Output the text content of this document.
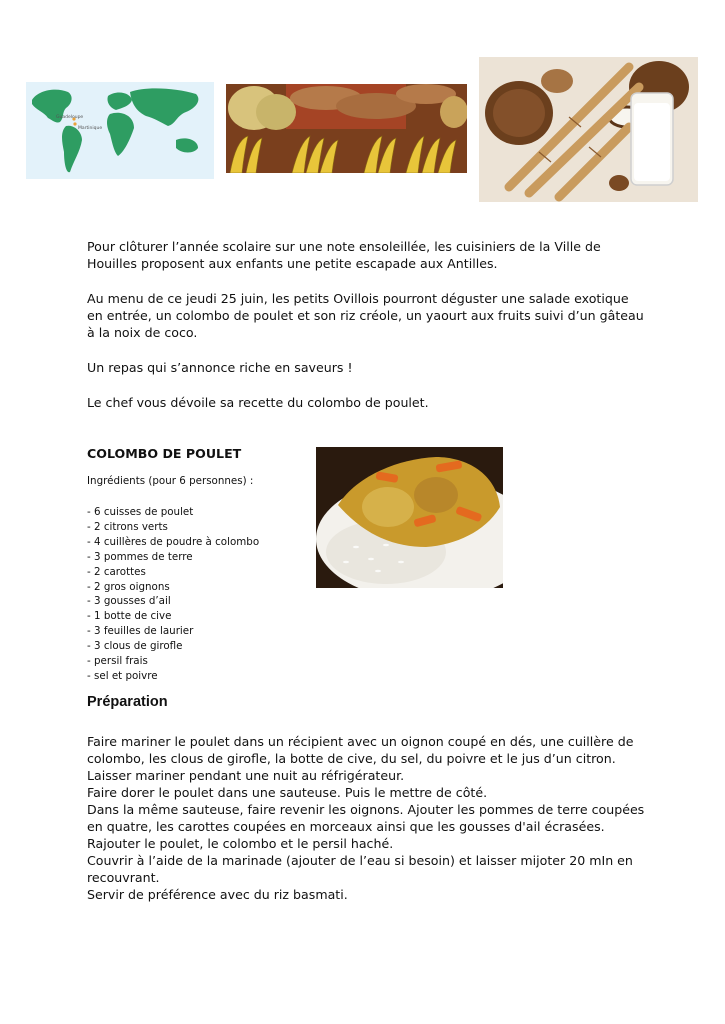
Guadeloupe
Martinique

Pour clôturer l’année scolaire sur une note ensoleillée, les cuisiniers de la Ville de Houilles proposent aux enfants une petite escapade aux Antilles.

Au menu de ce jeudi 25 juin, les petits Ovillois pourront déguster une salade exotique en entrée, un colombo de poulet et son riz créole, un yaourt aux fruits suivi d’un gâteau à la noix de coco.

Un repas qui s’annonce riche en saveurs !

Le chef vous dévoile sa recette du colombo de poulet.

COLOMBO DE POULET

Ingrédients (pour 6 personnes) :

- 6 cuisses de poulet
- 2 citrons verts
- 4 cuillères de poudre à colombo
- 3 pommes de terre
- 2 carottes
- 2 gros oignons
- 3 gousses d’ail
- 1 botte de cive
- 3 feuilles de laurier
- 3 clous de girofle
- persil frais
- sel et poivre
Préparation

Faire mariner le poulet dans un récipient avec un oignon coupé en dés, une cuillère de colombo, les clous de girofle, la botte de cive, du sel, du poivre et le jus d’un citron. Laisser mariner pendant une nuit au réfrigérateur.

Faire dorer le poulet dans une sauteuse. Puis le mettre de côté.

Dans la même sauteuse, faire revenir les oignons. Ajouter les pommes de terre coupées en quatre, les carottes coupées en morceaux ainsi que les gousses d'ail écrasées.

Rajouter le poulet, le colombo et le persil haché.

Couvrir à l’aide de la marinade (ajouter de l’eau si besoin) et laisser mijoter 20 mIn en recouvrant.

Servir de préférence avec du riz basmati.
